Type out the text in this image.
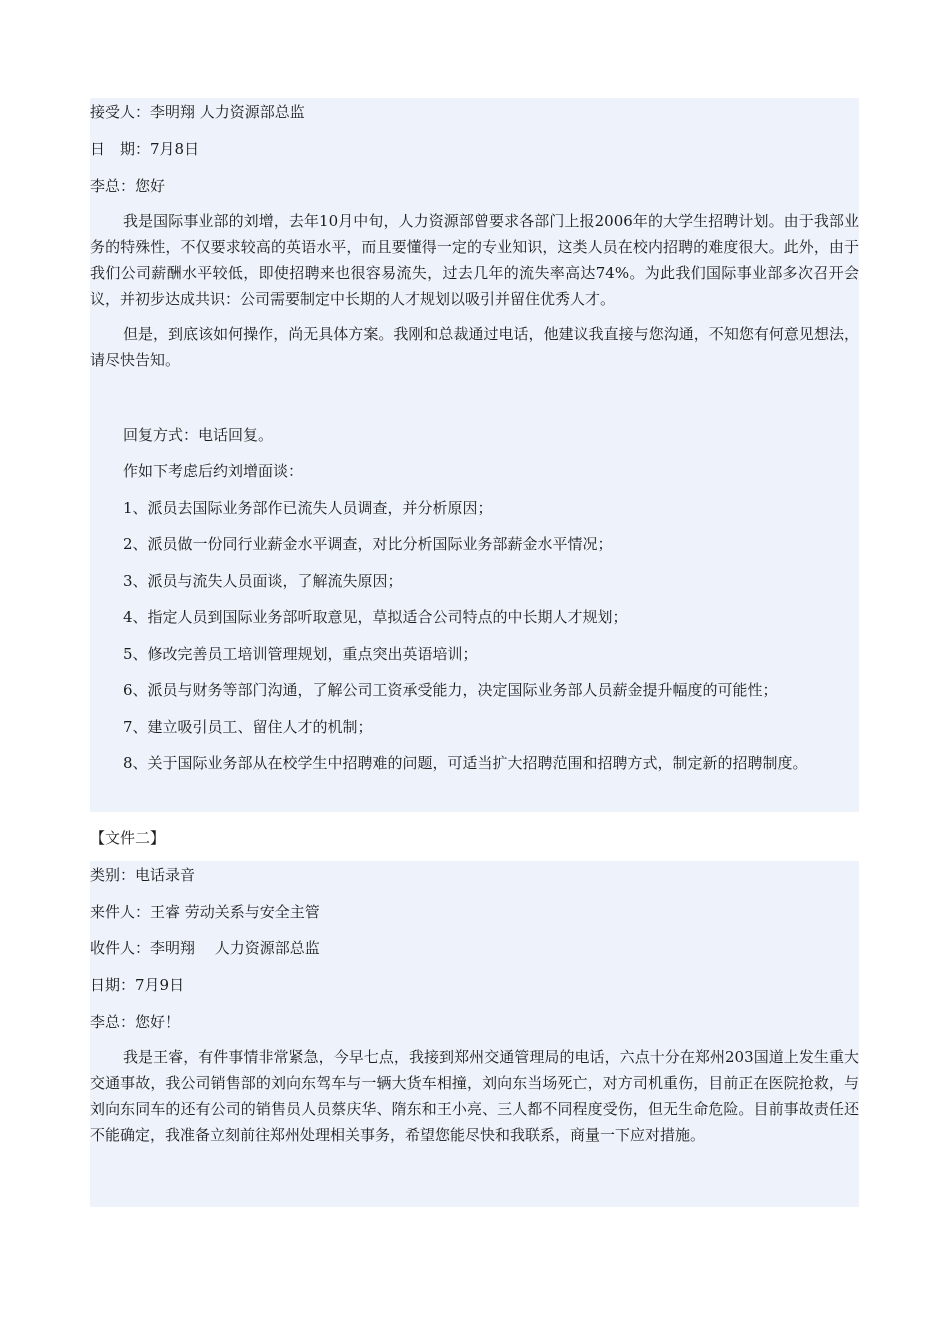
接受人：李明翔 人力资源部总监
日　期：7月8日
李总：您好
我是国际事业部的刘增，去年10月中旬，人力资源部曾要求各部门上报2006年的大学生招聘计划。由于我部业务的特殊性，不仅要求较高的英语水平，而且要懂得一定的专业知识，这类人员在校内招聘的难度很大。此外，由于我们公司薪酬水平较低，即使招聘来也很容易流失，过去几年的流失率高达74%。为此我们国际事业部多次召开会议，并初步达成共识：公司需要制定中长期的人才规划以吸引并留住优秀人才。
但是，到底该如何操作，尚无具体方案。我刚和总裁通过电话，他建议我直接与您沟通，不知您有何意见想法，请尽快告知。
回复方式：电话回复。
作如下考虑后约刘增面谈：
1、派员去国际业务部作已流失人员调查，并分析原因；
2、派员做一份同行业薪金水平调查，对比分析国际业务部薪金水平情况；
3、派员与流失人员面谈，了解流失原因；
4、指定人员到国际业务部听取意见，草拟适合公司特点的中长期人才规划；
5、修改完善员工培训管理规划，重点突出英语培训；
6、派员与财务等部门沟通，了解公司工资承受能力，决定国际业务部人员薪金提升幅度的可能性；
7、建立吸引员工、留住人才的机制；
8、关于国际业务部从在校学生中招聘难的问题，可适当扩大招聘范围和招聘方式，制定新的招聘制度。
【文件二】
类别：电话录音
来件人：王睿 劳动关系与安全主管
收件人：李明翔　 人力资源部总监
日期：7月9日
李总：您好！
我是王睿，有件事情非常紧急，今早七点，我接到郑州交通管理局的电话，六点十分在郑州203国道上发生重大交通事故，我公司销售部的刘向东驾车与一辆大货车相撞，刘向东当场死亡，对方司机重伤，目前正在医院抢救，与刘向东同车的还有公司的销售员人员蔡庆华、隋东和王小亮、三人都不同程度受伤，但无生命危险。目前事故责任还不能确定，我准备立刻前往郑州处理相关事务，希望您能尽快和我联系，商量一下应对措施。
